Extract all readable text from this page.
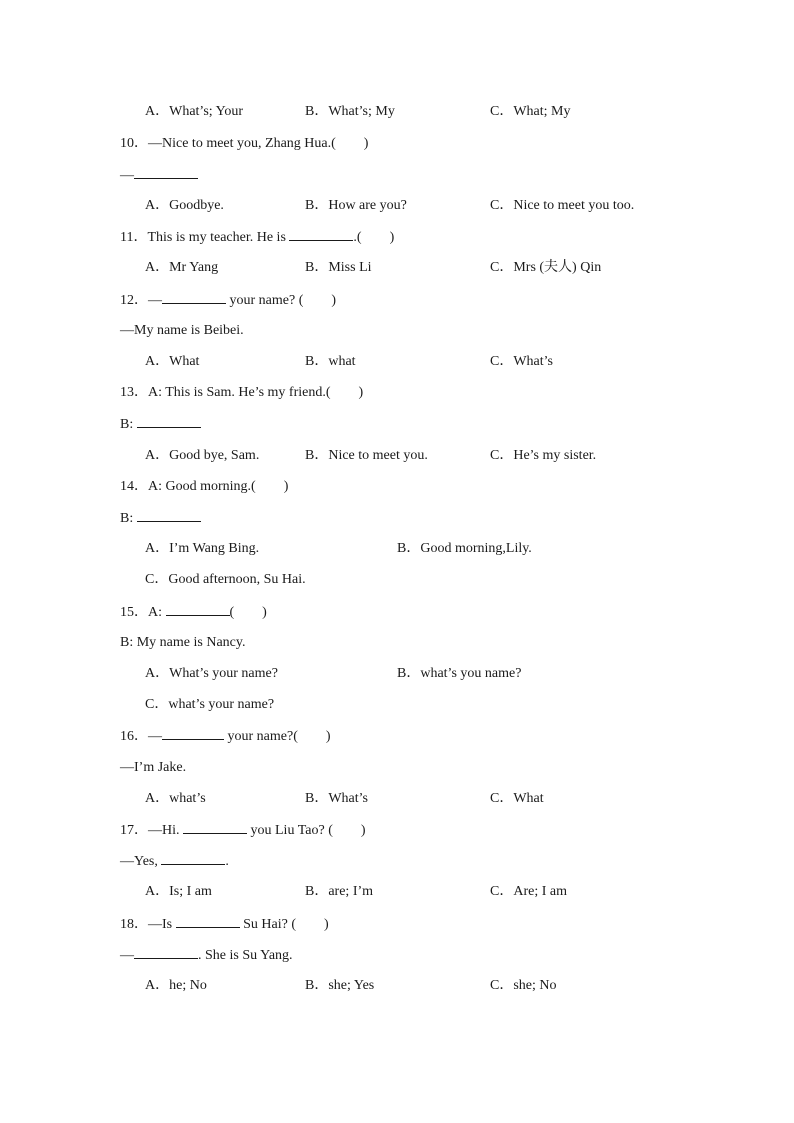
A．What’s; Your	B．What’s; My	C．What; My
10．—Nice to meet you, Zhang Hua.(　　)
—
A．Goodbye.	B．How are you?	C．Nice to meet you too.
11．This is my teacher. He is	.(　　)
A．Mr Yang	B．Miss Li	C．Mrs (夫人) Qin
12．—	your name? (　　)
—My name is Beibei.
A．What	B．what	C．What’s
13．A: This is Sam. He’s my friend.(　　)
B:
A．Good bye, Sam.	B．Nice to meet you.	C．He’s my sister.
14．A: Good morning.(　　)
B:
A．I’m Wang Bing.	B．Good morning,Lily.
C．Good afternoon, Su Hai.
15．A:	(　　)
B: My name is Nancy.
A．What’s your name?	B．what’s you name?
C．what’s your name?
16．—	your name?(　　)
—I’m Jake.
A．what’s	B．What’s	C．What
17．—Hi.	you Liu Tao? (　　)
—Yes,	.
A．Is; I am	B．are; I’m	C．Are; I am
18．—Is	Su Hai? (　　)
—	. She is Su Yang.
A．he; No	B．she; Yes	C．she; No
